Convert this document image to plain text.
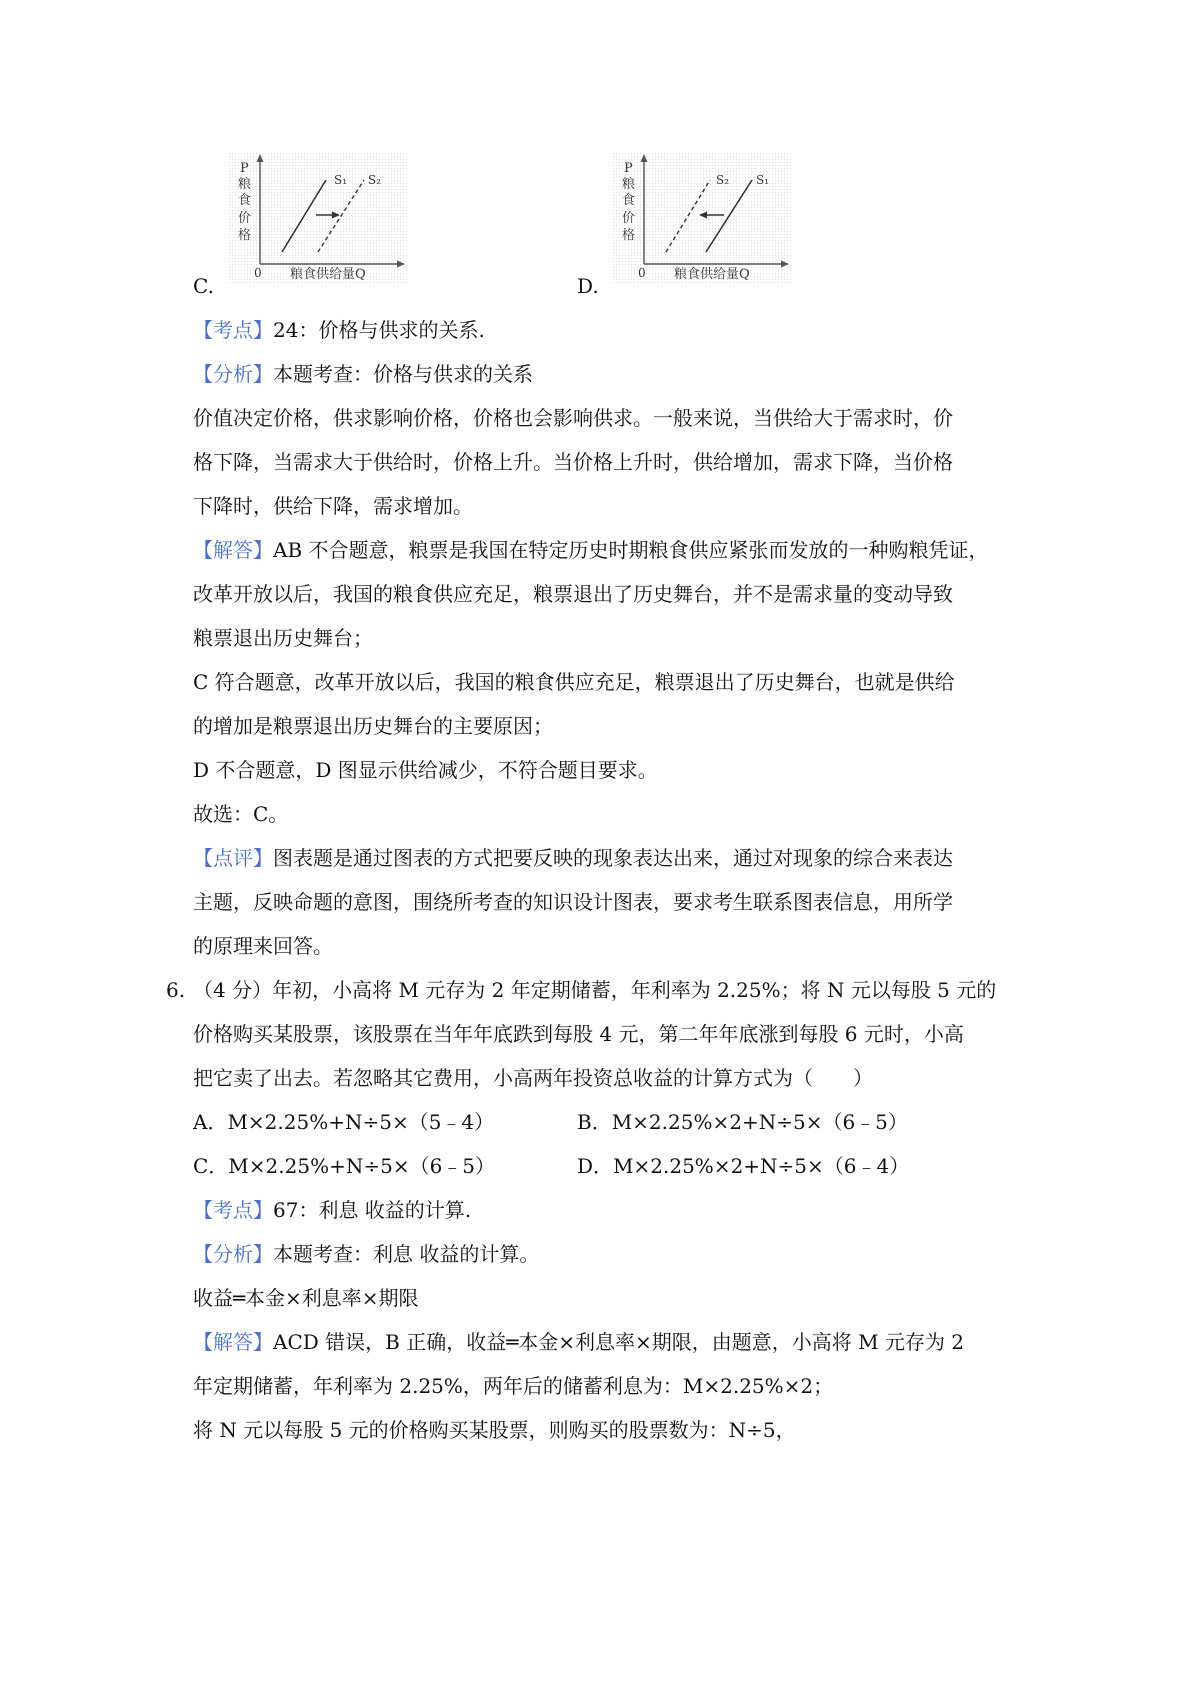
C.
P
粮
食
价
格
0 粮食供给量Q
S₁ S₂
D.
P
粮
食
价
格
0 粮食供给量Q
S₂ S₁
【考点】24：价格与供求的关系.
【分析】本题考查：价格与供求的关系
价值决定价格，供求影响价格，价格也会影响供求。一般来说，当供给大于需求时，价
格下降，当需求大于供给时，价格上升。当价格上升时，供给增加，需求下降，当价格
下降时，供给下降，需求增加。
【解答】AB 不合题意，粮票是我国在特定历史时期粮食供应紧张而发放的一种购粮凭证，
改革开放以后，我国的粮食供应充足，粮票退出了历史舞台，并不是需求量的变动导致
粮票退出历史舞台；
C 符合题意，改革开放以后，我国的粮食供应充足，粮票退出了历史舞台，也就是供给
的增加是粮票退出历史舞台的主要原因；
D 不合题意，D 图显示供给减少，不符合题目要求。
故选：C。
【点评】图表题是通过图表的方式把要反映的现象表达出来，通过对现象的综合来表达
主题，反映命题的意图，围绕所考查的知识设计图表，要求考生联系图表信息，用所学
的原理来回答。
6. （4 分）年初，小高将 M 元存为 2 年定期储蓄，年利率为 2.25%；将 N 元以每股 5 元的
价格购买某股票，该股票在当年年底跌到每股 4 元，第二年年底涨到每股 6 元时，小高
把它卖了出去。若忽略其它费用，小高两年投资总收益的计算方式为（　　）
A．M×2.25%+N÷5×（5﹣4）	B．M×2.25%×2+N÷5×（6﹣5）
C．M×2.25%+N÷5×（6﹣5）	D．M×2.25%×2+N÷5×（6﹣4）
【考点】67：利息 收益的计算.
【分析】本题考查：利息 收益的计算。
收益═本金×利息率×期限
【解答】ACD 错误，B 正确，收益═本金×利息率×期限，由题意，小高将 M 元存为 2
年定期储蓄，年利率为 2.25%，两年后的储蓄利息为：M×2.25%×2；
将 N 元以每股 5 元的价格购买某股票，则购买的股票数为：N÷5，
